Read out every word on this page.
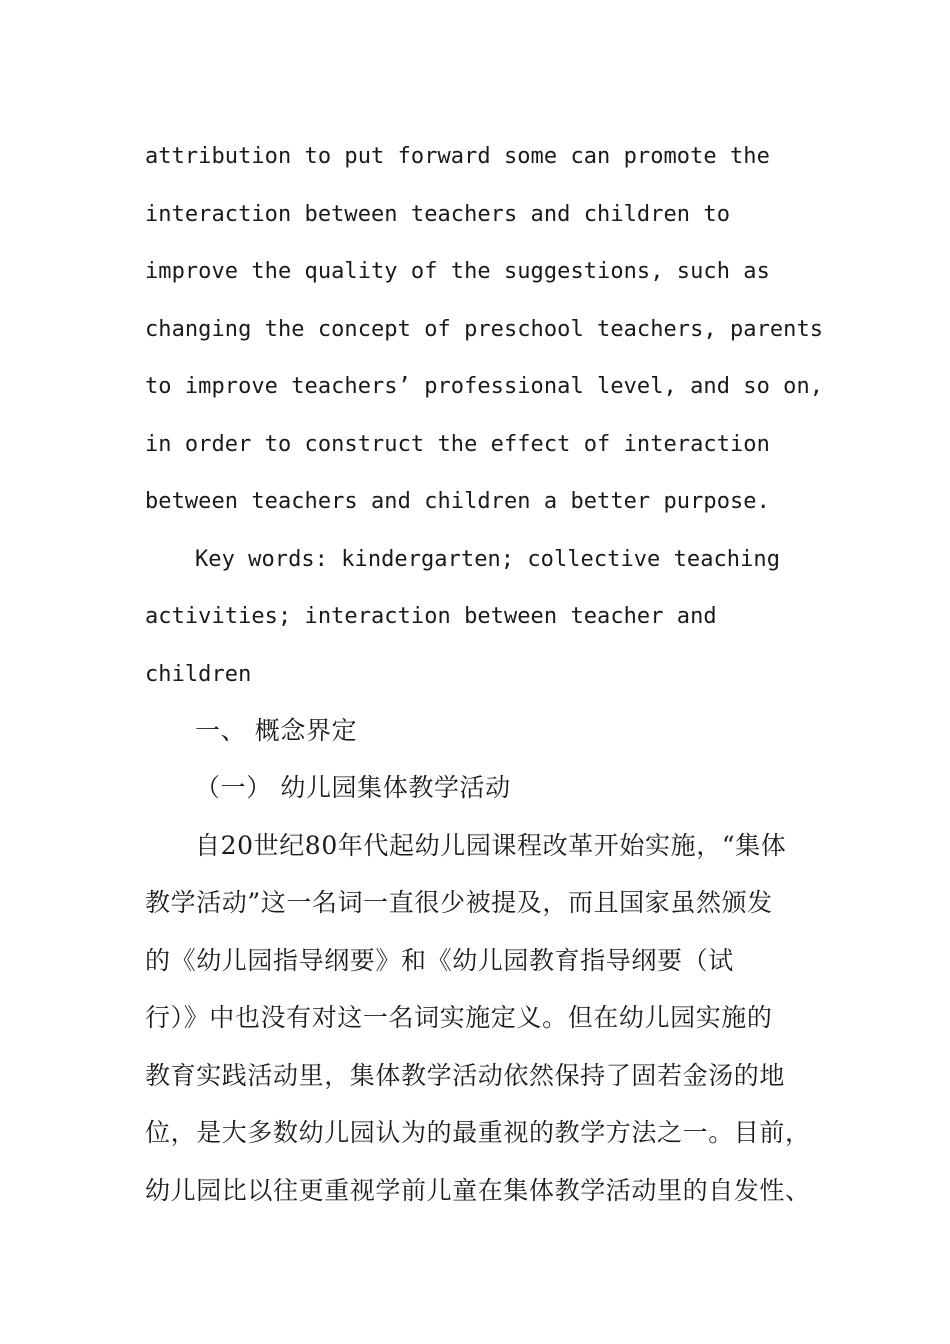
attribution to put forward some can promote the
interaction between teachers and children to
improve the quality of the suggestions, such as
changing the concept of preschool teachers, parents
to improve teachers’ professional level, and so on,
in order to construct the effect of interaction
between teachers and children a better purpose.
Key words: kindergarten; collective teaching
activities; interaction between teacher and
children
一、 概念界定
（一） 幼儿园集体教学活动
自20世纪80年代起幼儿园课程改革开始实施，“集体
教学活动”这一名词一直很少被提及，而且国家虽然颁发
的《幼儿园指导纲要》和《幼儿园教育指导纲要（试
行）》中也没有对这一名词实施定义。但在幼儿园实施的
教育实践活动里，集体教学活动依然保持了固若金汤的地
位，是大多数幼儿园认为的最重视的教学方法之一。目前，
幼儿园比以往更重视学前儿童在集体教学活动里的自发性、
